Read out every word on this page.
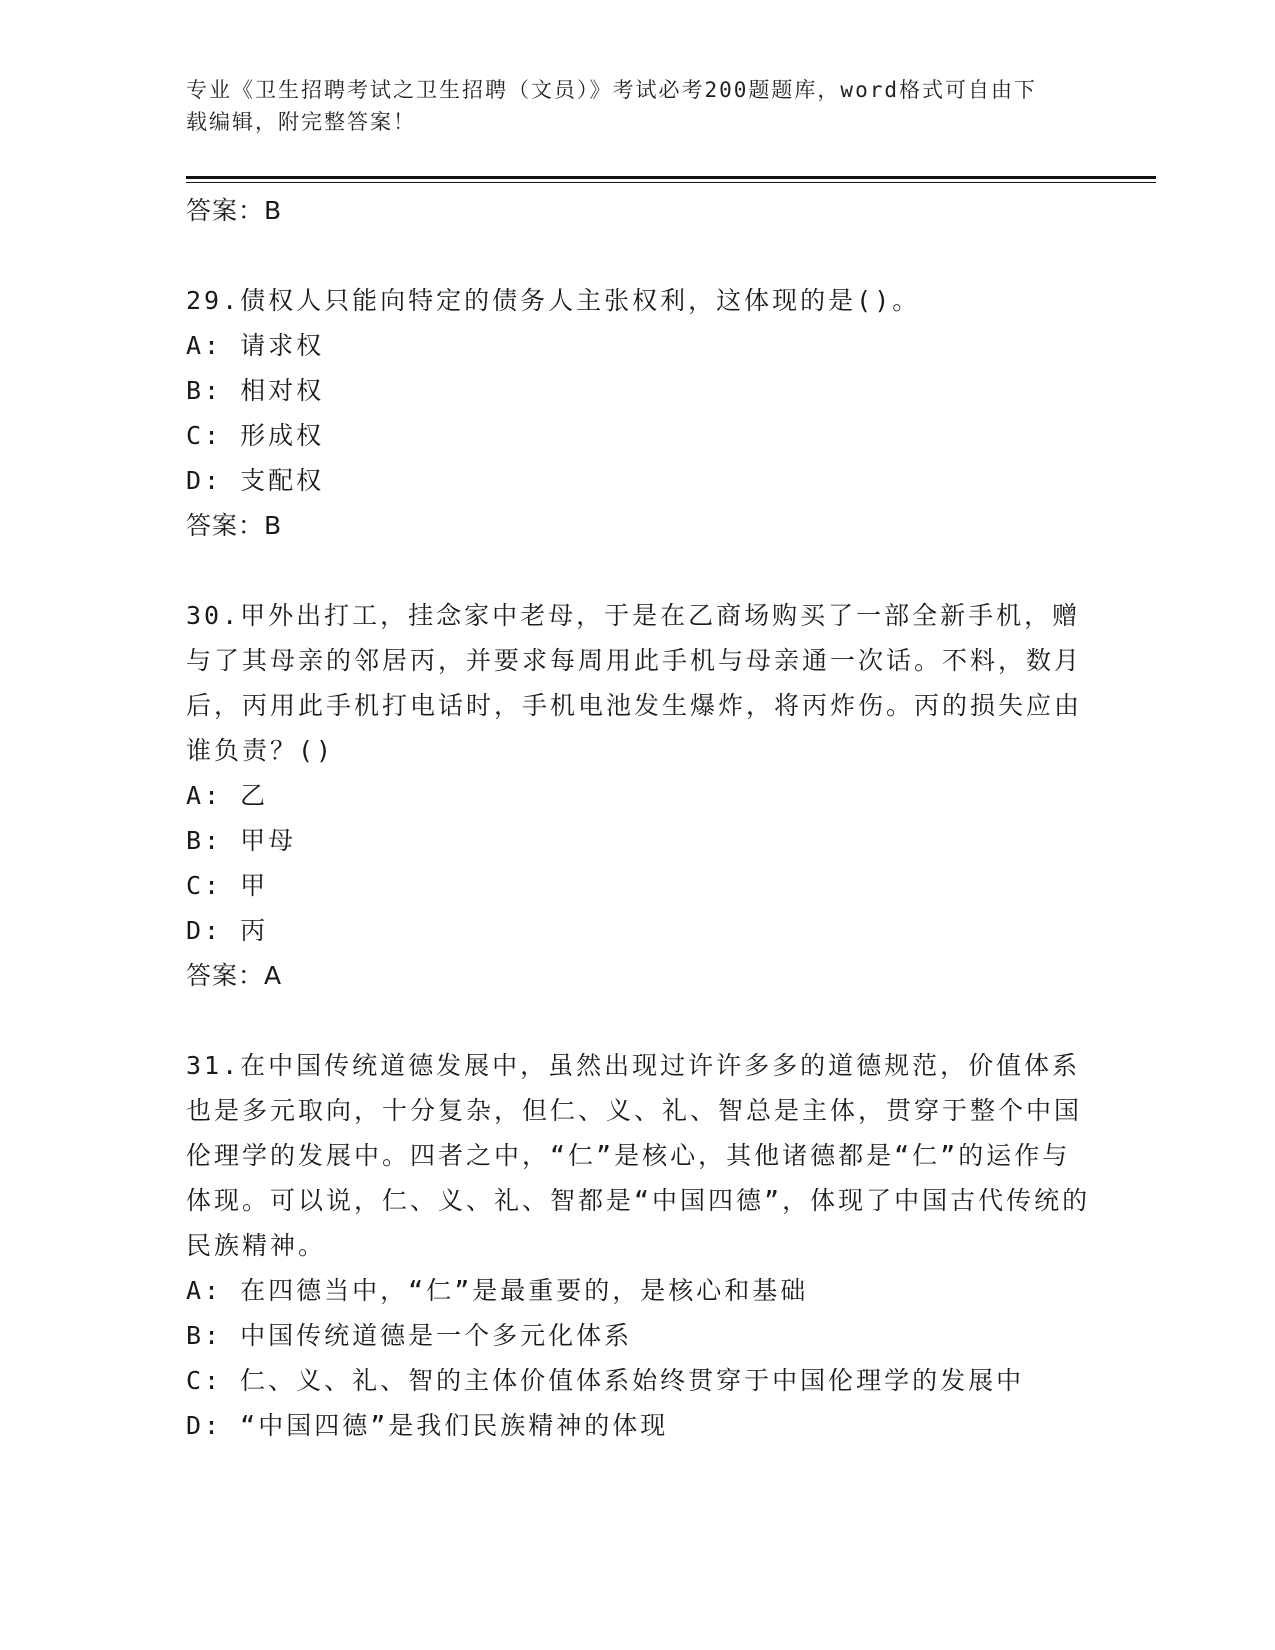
专业《卫生招聘考试之卫生招聘（文员）》考试必考200题题库，word格式可自由下载编辑，附完整答案！

答案：B

29.债权人只能向特定的债务人主张权利，这体现的是()。

A: 请求权

B: 相对权

C: 形成权

D: 支配权

答案：B

30.甲外出打工，挂念家中老母，于是在乙商场购买了一部全新手机，赠与了其母亲的邻居丙，并要求每周用此手机与母亲通一次话。不料，数月后，丙用此手机打电话时，手机电池发生爆炸，将丙炸伤。丙的损失应由谁负责？()

A: 乙

B: 甲母

C: 甲

D: 丙

答案：A

31.在中国传统道德发展中，虽然出现过许许多多的道德规范，价值体系也是多元取向，十分复杂，但仁、义、礼、智总是主体，贯穿于整个中国伦理学的发展中。四者之中，“仁”是核心，其他诸德都是“仁”的运作与体现。可以说，仁、义、礼、智都是“中国四德”，体现了中国古代传统的民族精神。

A: 在四德当中，“仁”是最重要的，是核心和基础

B: 中国传统道德是一个多元化体系

C: 仁、义、礼、智的主体价值体系始终贯穿于中国伦理学的发展中

D: “中国四德”是我们民族精神的体现
